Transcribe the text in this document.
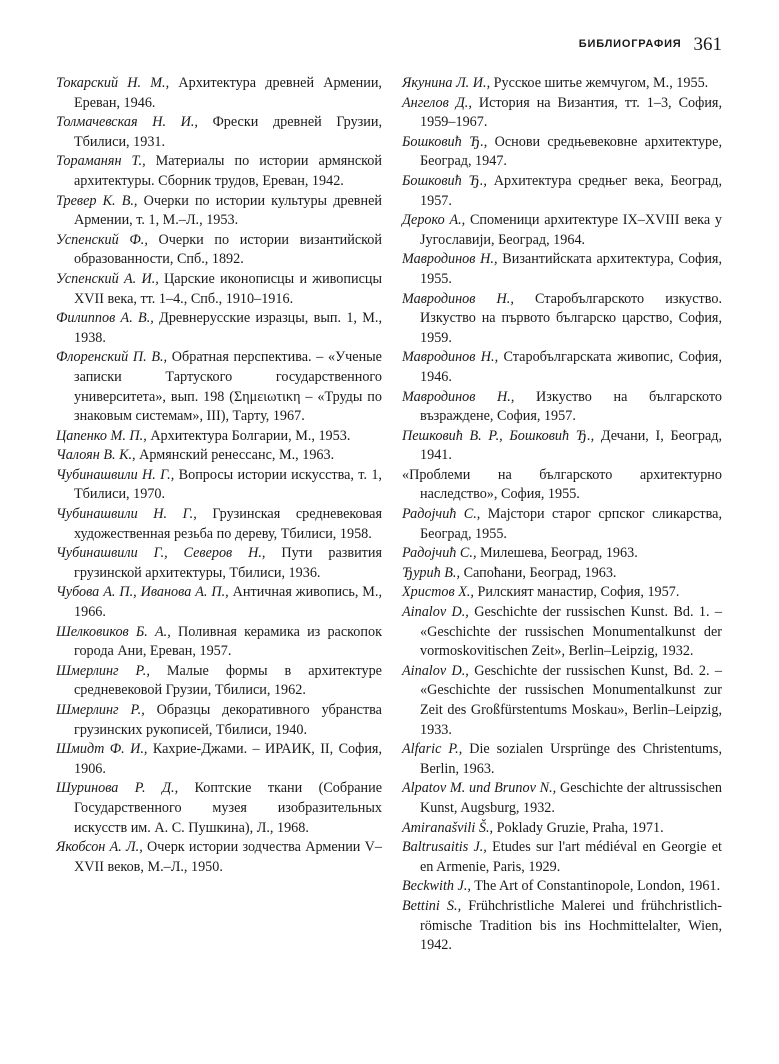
БИБЛИОГРАФИЯ 361

Токарский Н. М., Архитектура древней Армении, Ереван, 1946.

Толмачевская Н. И., Фрески древней Грузии, Тбилиси, 1931.

Тораманян Т., Материалы по истории армянской архитектуры. Сборник трудов, Ереван, 1942.

Тревер К. В., Очерки по истории культуры древней Армении, т. 1, М.–Л., 1953.

Успенский Ф., Очерки по истории византийской образованности, Спб., 1892.

Успенский А. И., Царские иконописцы и живописцы XVII века, тт. 1–4., Спб., 1910–1916.

Филиппов А. В., Древнерусские изразцы, вып. 1, М., 1938.

Флоренский П. В., Обратная перспектива. – «Ученые записки Тартуского государственного университета», вып. 198 (Σημειωτικη – «Труды по знаковым системам», III), Тарту, 1967.

Цапенко М. П., Архитектура Болгарии, М., 1953.

Чалоян В. К., Армянский ренессанс, М., 1963.

Чубинашвили Н. Г., Вопросы истории искусства, т. 1, Тбилиси, 1970.

Чубинашвили Н. Г., Грузинская средневековая художественная резьба по дереву, Тбилиси, 1958.

Чубинашвили Г., Северов Н., Пути развития грузинской архитектуры, Тбилиси, 1936.

Чубова А. П., Иванова А. П., Античная живопись, М., 1966.

Шелковиков Б. А., Поливная керамика из раскопок города Ани, Ереван, 1957.

Шмерлинг Р., Малые формы в архитектуре средневековой Грузии, Тбилиси, 1962.

Шмерлинг Р., Образцы декоративного убранства грузинских рукописей, Тбилиси, 1940.

Шмидт Ф. И., Кахрие-Джами. – ИРАИК, II, София, 1906.

Шуринова Р. Д., Коптские ткани (Собрание Государственного музея изобразительных искусств им. А. С. Пушкина), Л., 1968.

Якобсон А. Л., Очерк истории зодчества Армении V–XVII веков, М.–Л., 1950.

Якунина Л. И., Русское шитье жемчугом, М., 1955.

Ангелов Д., История на Византия, тт. 1–3, София, 1959–1967.

Бошковић Ђ., Основи средњевековне архитектуре, Београд, 1947.

Бошковић Ђ., Архитектура средњег века, Београд, 1957.

Дероко А., Споменици архитектуре IX–XVIII века у Југославији, Београд, 1964.

Мавродинов Н., Византийската архитектура, София, 1955.

Мавродинов Н., Старобългарското изкуство. Изкуство на първото българско царство, София, 1959.

Мавродинов Н., Старобългарската живопис, София, 1946.

Мавродинов Н., Изкуство на българското възраждене, София, 1957.

Пешковић В. Р., Бошковић Ђ., Дечани, I, Београд, 1941.

«Проблеми на българското архитектурно наследство», София, 1955.

Радојчић С., Мајстори старог српског сликарства, Београд, 1955.

Радојчић С., Милешева, Београд, 1963.

Ђурић В., Сапоћани, Београд, 1963.

Христов Х., Рилският манастир, София, 1957.

Ainalov D., Geschichte der russischen Kunst. Bd. 1. – «Geschichte der russischen Monumentalkunst der vormoskovitischen Zeit», Berlin–Leipzig, 1932.

Ainalov D., Geschichte der russischen Kunst, Bd. 2. – «Geschichte der russischen Monumentalkunst zur Zeit des Großfürstentums Moskau», Berlin–Leipzig, 1933.

Alfaric P., Die sozialen Ursprünge des Christentums, Berlin, 1963.

Alpatov M. und Brunov N., Geschichte der altrussischen Kunst, Augsburg, 1932.

Amiranašvili Š., Poklady Gruzie, Praha, 1971.

Baltrusaitis J., Etudes sur l'art médiéval en Georgie et en Armenie, Paris, 1929.

Beckwith J., The Art of Constantinopole, London, 1961.

Bettini S., Frühchristliche Malerei und frühchristlich-römische Tradition bis ins Hochmittelalter, Wien, 1942.
